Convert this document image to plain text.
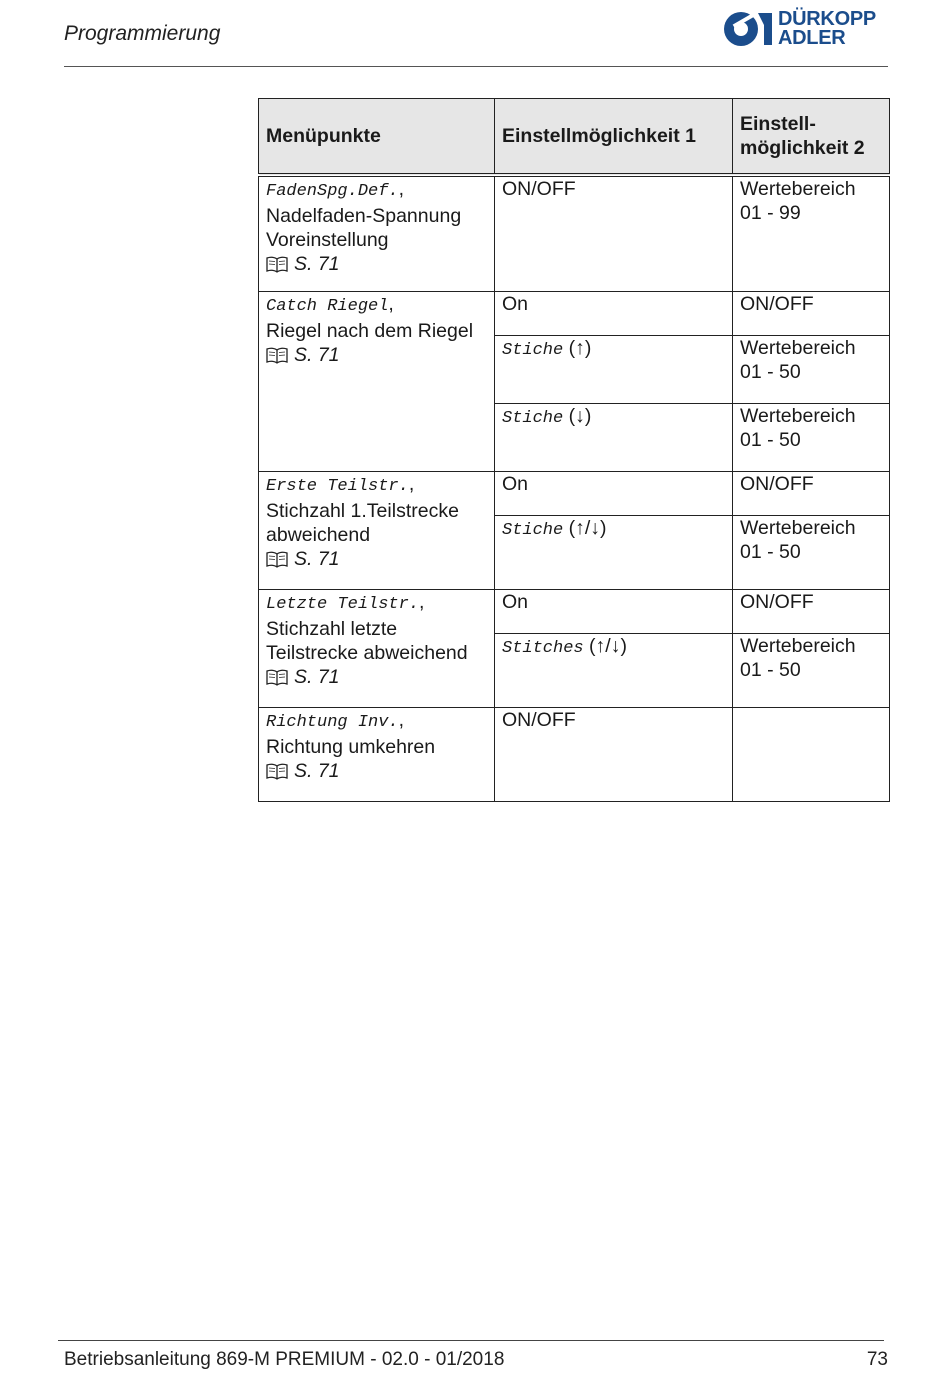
Programmierung
DÜRKOPP
ADLER
Menüpunkte	Einstellmöglichkeit 1	Einstell-
möglichkeit 2
FadenSpg.Def.,
Nadelfaden-Spannung
Voreinstellung
S. 71	ON/OFF	Wertebereich
01 - 99
Catch Riegel,
Riegel nach dem Riegel
S. 71	On	ON/OFF
	Stiche (↑)	Wertebereich
01 - 50
	Stiche (↓)	Wertebereich
01 - 50
Erste Teilstr.,
Stichzahl 1.Teilstrecke
abweichend
S. 71	On	ON/OFF
	Stiche (↑/↓)	Wertebereich
01 - 50
Letzte Teilstr.,
Stichzahl letzte
Teilstrecke abweichend
S. 71	On	ON/OFF
	Stitches (↑/↓)	Wertebereich
01 - 50
Richtung Inv.,
Richtung umkehren
S. 71	ON/OFF	
Betriebsanleitung 869-M PREMIUM - 02.0 - 01/2018	73
